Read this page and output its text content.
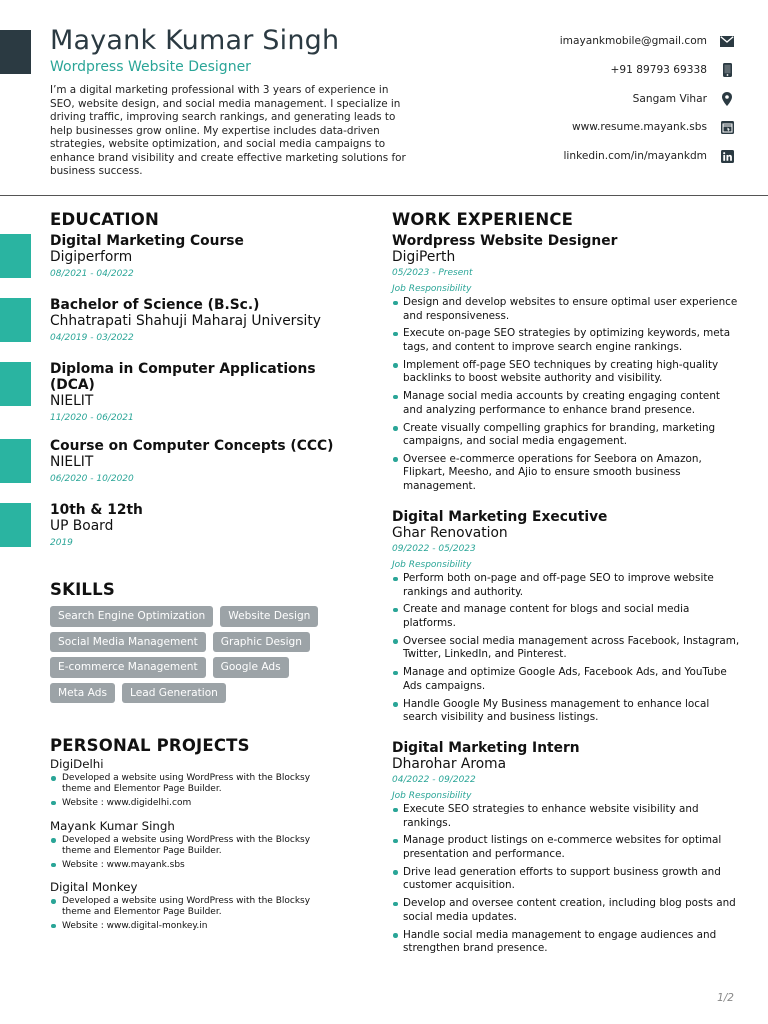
Mayank Kumar Singh
Wordpress Website Designer
I’m a digital marketing professional with 3 years of experience in SEO, website design, and social media management. I specialize in driving traffic, improving search rankings, and generating leads to help businesses grow online. My expertise includes data-driven strategies, website optimization, and social media campaigns to enhance brand visibility and create effective marketing solutions for business success.
imayankmobile@gmail.com
+91 89793 69338
Sangam Vihar
www.resume.mayank.sbs
linkedin.com/in/mayankdm
EDUCATION
Digital Marketing Course
Digiperform
08/2021 - 04/2022
Bachelor of Science (B.Sc.)
Chhatrapati Shahuji Maharaj University
04/2019 - 03/2022
Diploma in Computer Applications (DCA)
NIELIT
11/2020 - 06/2021
Course on Computer Concepts (CCC)
NIELIT
06/2020 - 10/2020
10th & 12th
UP Board
2019
SKILLS
Search Engine Optimization	Website Design
Social Media Management	Graphic Design
E-commerce Management	Google Ads
Meta Ads	Lead Generation
PERSONAL PROJECTS
DigiDelhi
Developed a website using WordPress with the Blocksy theme and Elementor Page Builder.
Website : www.digidelhi.com
Mayank Kumar Singh
Developed a website using WordPress with the Blocksy theme and Elementor Page Builder.
Website : www.mayank.sbs
Digital Monkey
Developed a website using WordPress with the Blocksy theme and Elementor Page Builder.
Website : www.digital-monkey.in
WORK EXPERIENCE
Wordpress Website Designer
DigiPerth
05/2023 - Present
Job Responsibility
Design and develop websites to ensure optimal user experience and responsiveness.
Execute on-page SEO strategies by optimizing keywords, meta tags, and content to improve search engine rankings.
Implement off-page SEO techniques by creating high-quality backlinks to boost website authority and visibility.
Manage social media accounts by creating engaging content and analyzing performance to enhance brand presence.
Create visually compelling graphics for branding, marketing campaigns, and social media engagement.
Oversee e-commerce operations for Seebora on Amazon, Flipkart, Meesho, and Ajio to ensure smooth business management.
Digital Marketing Executive
Ghar Renovation
09/2022 - 05/2023
Job Responsibility
Perform both on-page and off-page SEO to improve website rankings and authority.
Create and manage content for blogs and social media platforms.
Oversee social media management across Facebook, Instagram, Twitter, LinkedIn, and Pinterest.
Manage and optimize Google Ads, Facebook Ads, and YouTube Ads campaigns.
Handle Google My Business management to enhance local search visibility and business listings.
Digital Marketing Intern
Dharohar Aroma
04/2022 - 09/2022
Job Responsibility
Execute SEO strategies to enhance website visibility and rankings.
Manage product listings on e-commerce websites for optimal presentation and performance.
Drive lead generation efforts to support business growth and customer acquisition.
Develop and oversee content creation, including blog posts and social media updates.
Handle social media management to engage audiences and strengthen brand presence.
1/2
